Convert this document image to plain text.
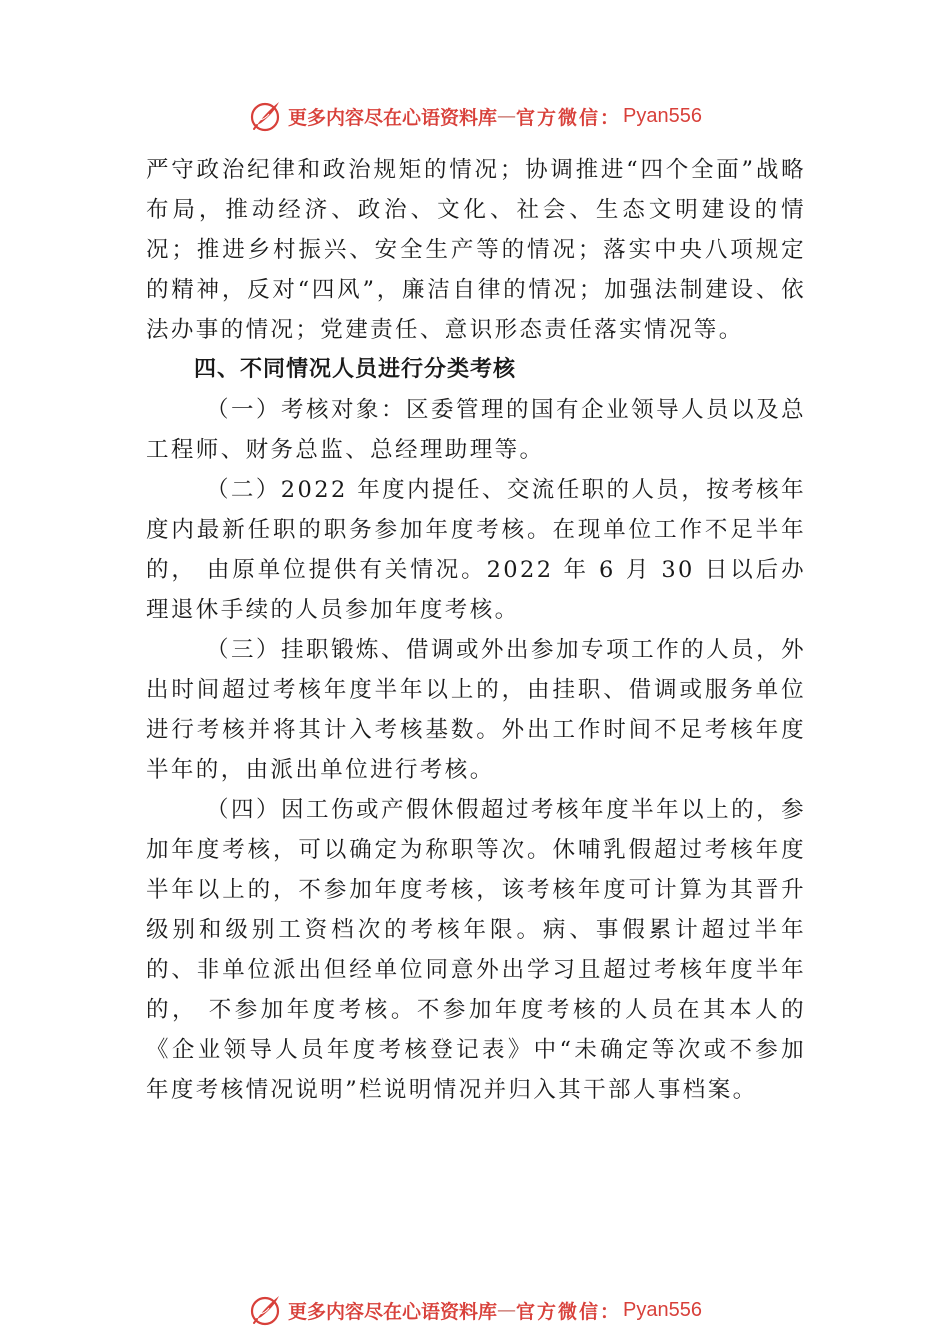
更多内容尽在心语资料库 — 官方微信： Pyan556

严守政治纪律和政治规矩的情况；协调推进“四个全面”战略布局，推动经济、政治、文化、社会、生态文明建设的情况；推进乡村振兴、安全生产等的情况；落实中央八项规定的精神，反对“四风”，廉洁自律的情况；加强法制建设、依法办事的情况；党建责任、意识形态责任落实情况等。

四、不同情况人员进行分类考核

（一）考核对象：区委管理的国有企业领导人员以及总工程师、财务总监、总经理助理等。

（二）2022 年度内提任、交流任职的人员，按考核年度内最新任职的职务参加年度考核。在现单位工作不足半年的， 由原单位提供有关情况。2022 年 6 月 30 日以后办理退休手续的人员参加年度考核。

（三）挂职锻炼、借调或外出参加专项工作的人员，外出时间超过考核年度半年以上的，由挂职、借调或服务单位进行考核并将其计入考核基数。外出工作时间不足考核年度半年的，由派出单位进行考核。

（四）因工伤或产假休假超过考核年度半年以上的，参加年度考核，可以确定为称职等次。休哺乳假超过考核年度半年以上的，不参加年度考核，该考核年度可计算为其晋升级别和级别工资档次的考核年限。病、事假累计超过半年的、非单位派出但经单位同意外出学习且超过考核年度半年的， 不参加年度考核。不参加年度考核的人员在其本人的《企业领导人员年度考核登记表》中“未确定等次或不参加年度考核情况说明”栏说明情况并归入其干部人事档案。

更多内容尽在心语资料库 — 官方微信： Pyan556
